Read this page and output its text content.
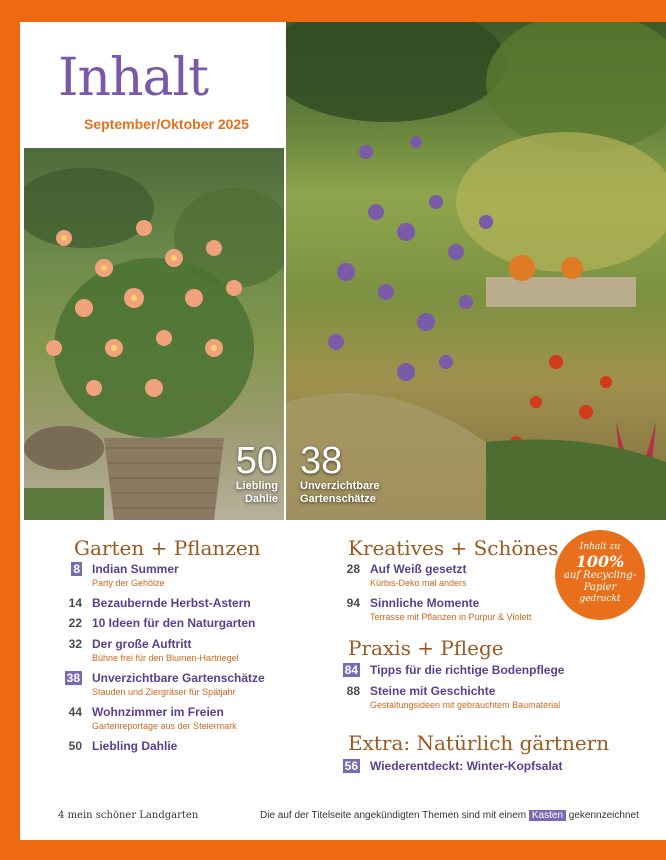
Inhalt
September/Oktober 2025
50
Liebling
Dahlie
38
Unverzichtbare
Gartenschätze
Garten + Pflanzen
8 Indian Summer
Party der Gehölze
14 Bezaubernde Herbst-Astern
22 10 Ideen für den Naturgarten
32 Der große Auftritt
Bühne frei für den Blumen-Hartriegel
38 Unverzichtbare Gartenschätze
Stauden und Ziergräser für Spätjahr
44 Wohnzimmer im Freien
Gartenreportage aus der Steiermark
50 Liebling Dahlie
Kreatives + Schönes
28 Auf Weiß gesetzt
Kürbis-Deko mal anders
94 Sinnliche Momente
Terrasse mit Pflanzen in Purpur & Violett
Praxis + Pflege
84 Tipps für die richtige Bodenpflege
88 Steine mit Geschichte
Gestaltungsideen mit gebrauchtem Baumaterial
Extra: Natürlich gärtnern
56 Wiederentdeckt: Winter-Kopfsalat
Inhalt zu
100%
auf Recycling-
Papier
gedruckt
4 mein schöner Landgarten	Die auf der Titelseite angekündigten Themen sind mit einem Kasten gekennzeichnet
